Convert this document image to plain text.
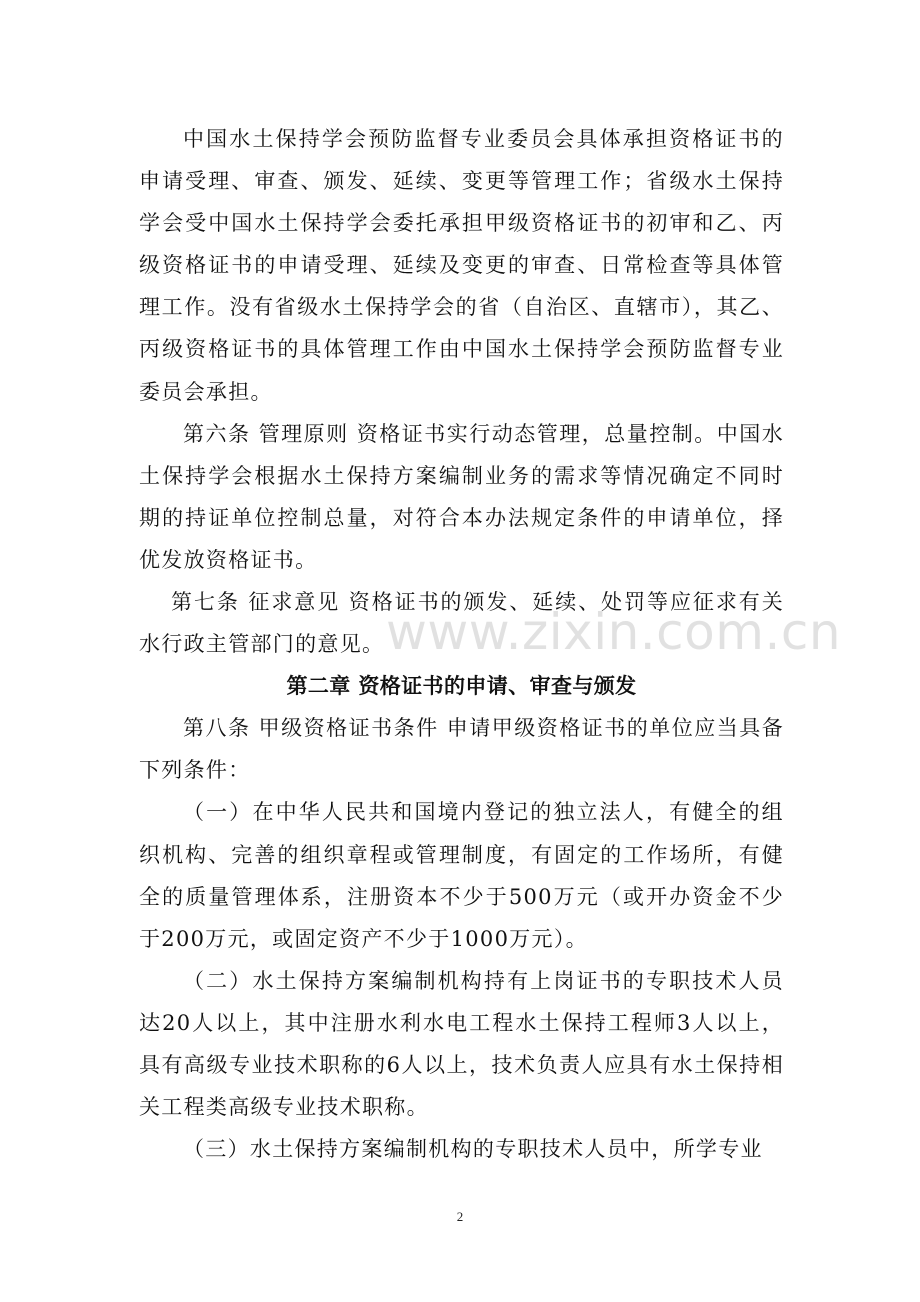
中国水土保持学会预防监督专业委员会具体承担资格证书的申请受理、审查、颁发、延续、变更等管理工作；省级水土保持学会受中国水土保持学会委托承担甲级资格证书的初审和乙、丙级资格证书的申请受理、延续及变更的审查、日常检查等具体管理工作。没有省级水土保持学会的省（自治区、直辖市），其乙、丙级资格证书的具体管理工作由中国水土保持学会预防监督专业委员会承担。

第六条 管理原则 资格证书实行动态管理，总量控制。中国水土保持学会根据水土保持方案编制业务的需求等情况确定不同时期的持证单位控制总量，对符合本办法规定条件的申请单位，择优发放资格证书。

第七条 征求意见 资格证书的颁发、延续、处罚等应征求有关水行政主管部门的意见。

第二章 资格证书的申请、审查与颁发

第八条 甲级资格证书条件 申请甲级资格证书的单位应当具备下列条件：

（一）在中华人民共和国境内登记的独立法人，有健全的组织机构、完善的组织章程或管理制度，有固定的工作场所，有健全的质量管理体系，注册资本不少于500万元（或开办资金不少于200万元，或固定资产不少于1000万元）。

（二）水土保持方案编制机构持有上岗证书的专职技术人员达20人以上，其中注册水利水电工程水土保持工程师3人以上，具有高级专业技术职称的6人以上，技术负责人应具有水土保持相关工程类高级专业技术职称。

（三）水土保持方案编制机构的专职技术人员中，所学专业

www.zixin.com.cn
2
